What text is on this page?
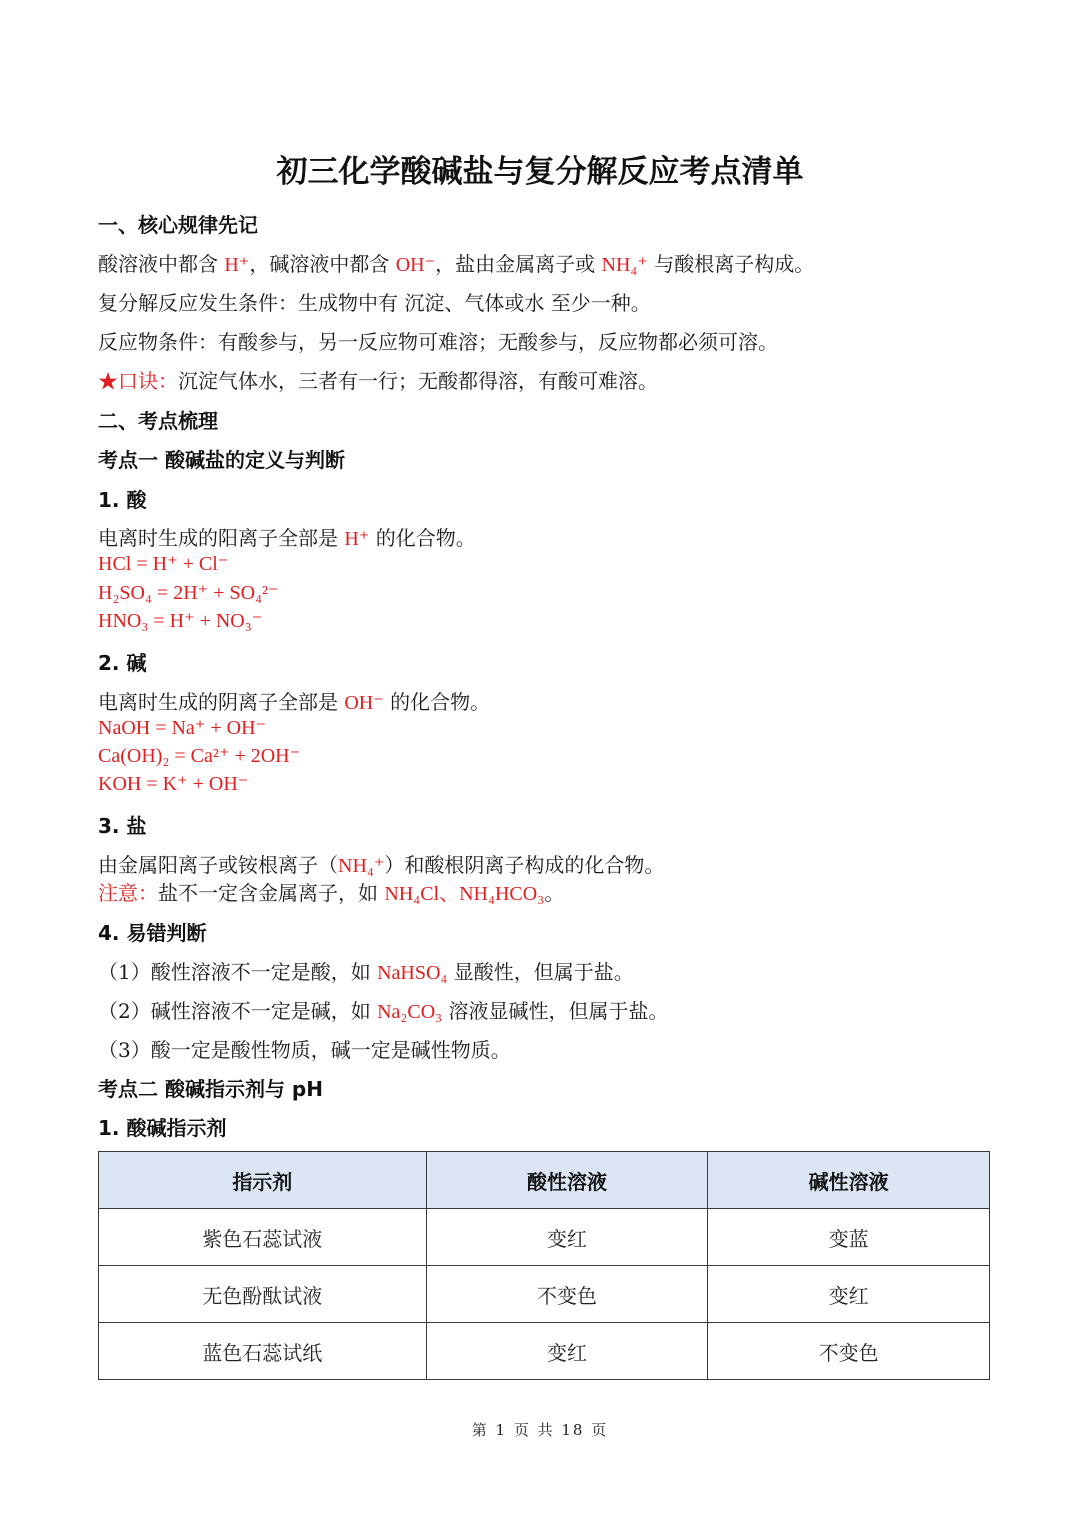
初三化学酸碱盐与复分解反应考点清单
一、核心规律先记
酸溶液中都含 H⁺，碱溶液中都含 OH⁻，盐由金属离子或 NH₄⁺ 与酸根离子构成。
复分解反应发生条件：生成物中有 沉淀、气体或水 至少一种。
反应物条件：有酸参与，另一反应物可难溶；无酸参与，反应物都必须可溶。
★口诀：沉淀气体水，三者有一行；无酸都得溶，有酸可难溶。
二、考点梳理
考点一 酸碱盐的定义与判断
1. 酸
电离时生成的阳离子全部是 H⁺ 的化合物。
HCl = H⁺ + Cl⁻
H₂SO₄ = 2H⁺ + SO₄²⁻
HNO₃ = H⁺ + NO₃⁻
2. 碱
电离时生成的阴离子全部是 OH⁻ 的化合物。
NaOH = Na⁺ + OH⁻
Ca(OH)₂ = Ca²⁺ + 2OH⁻
KOH = K⁺ + OH⁻
3. 盐
由金属阳离子或铵根离子（NH₄⁺）和酸根阴离子构成的化合物。
注意：盐不一定含金属离子，如 NH₄Cl、NH₄HCO₃。
4. 易错判断
（1）酸性溶液不一定是酸，如 NaHSO₄ 显酸性，但属于盐。
（2）碱性溶液不一定是碱，如 Na₂CO₃ 溶液显碱性，但属于盐。
（3）酸一定是酸性物质，碱一定是碱性物质。
考点二 酸碱指示剂与 pH
1. 酸碱指示剂
指示剂	酸性溶液	碱性溶液
紫色石蕊试液	变红	变蓝
无色酚酞试液	不变色	变红
蓝色石蕊试纸	变红	不变色
第 1 页 共 18 页
